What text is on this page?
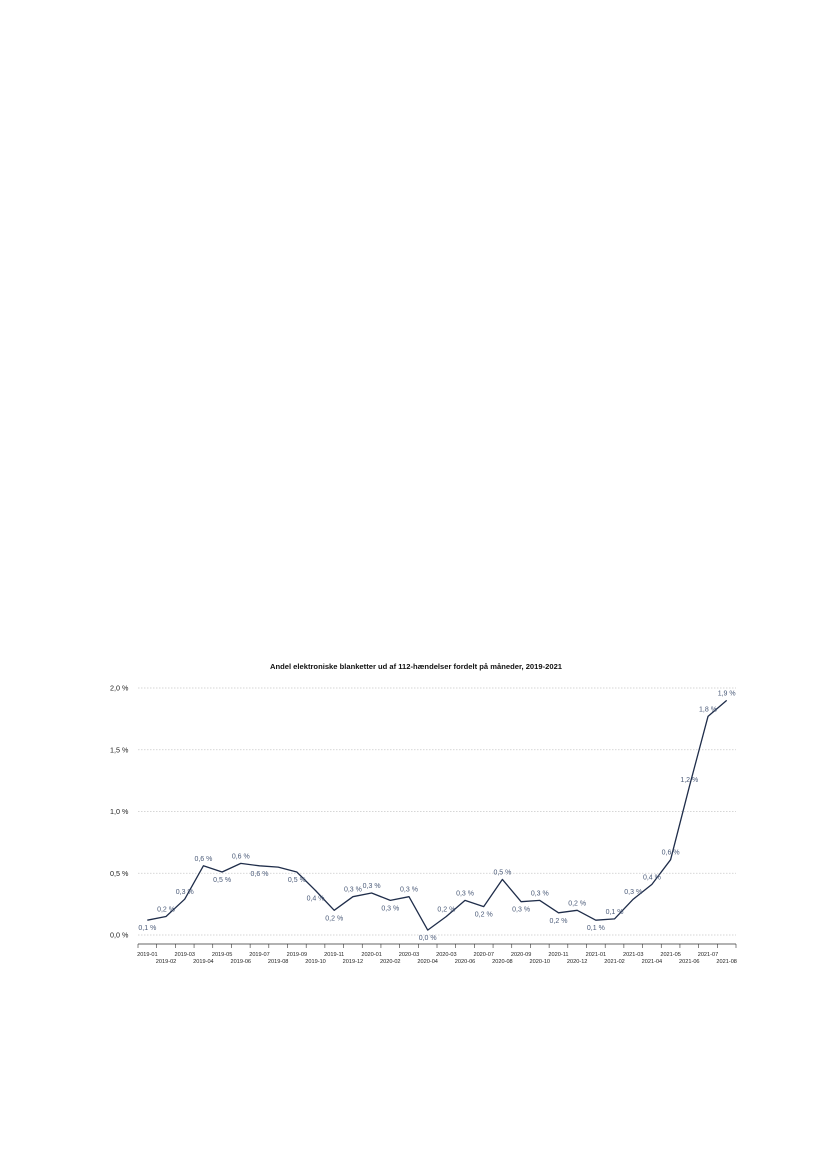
Andel elektroniske blanketter ud af 112-hændelser fordelt på måneder, 2019-2021
0,0 %
0,5 %
1,0 %
1,5 %
2,0 %
2019-01
2019-02
2019-03
2019-04
2019-05
2019-06
2019-07
2019-08
2019-09
2019-10
2019-11
2019-12
2020-01
2020-02
2020-03
2020-04
2020-03
2020-06
2020-07
2020-08
2020-09
2020-10
2020-11
2020-12
2021-01
2021-02
2021-03
2021-04
2021-05
2021-06
2021-07
2021-08
0,1 %
0,2 %
0,3 %
0,6 %
0,5 %
0,6 %
0,6 %
0,5 %
0,4 %
0,2 %
0,3 %
0,3 %
0,3 %
0,3 %
0,0 %
0,2 %
0,3 %
0,2 %
0,5 %
0,3 %
0,3 %
0,2 %
0,2 %
0,1 %
0,1 %
0,3 %
0,4 %
0,6 %
1,2 %
1,8 %
1,9 %
